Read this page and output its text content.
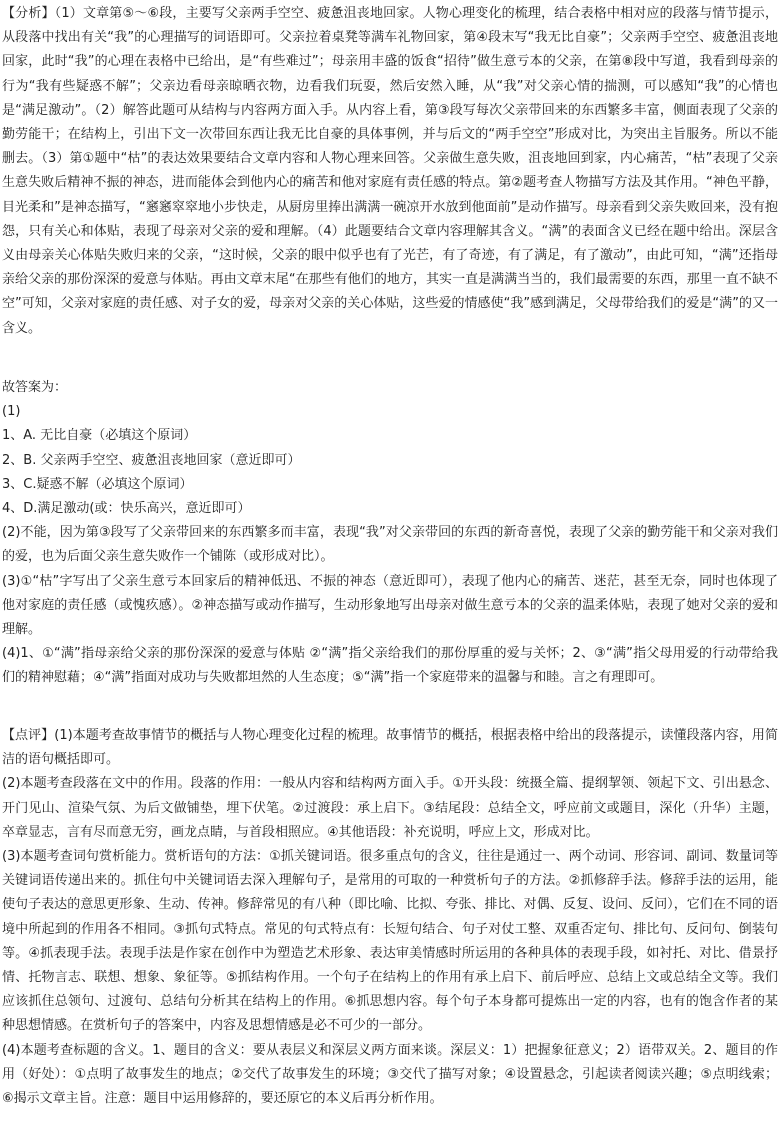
【分析】（1）文章第⑤～⑥段，主要写父亲两手空空、疲惫沮丧地回家。人物心理变化的梳理，结合表格中相对应的段落与情节提示，从段落中找出有关“我”的心理描写的词语即可。父亲拉着桌凳等满车礼物回家，第④段末写“我无比自豪”；父亲两手空空、疲惫沮丧地回家，此时“我”的心理在表格中已给出，是“有些难过”；母亲用丰盛的饭食“招待”做生意亏本的父亲，在第⑧段中写道，我看到母亲的行为“我有些疑惑不解”；父亲边看母亲晾晒衣物，边看我们玩耍，然后安然入睡，从“我”对父亲心情的揣测，可以感知“我”的心情也是“满足激动”。（2）解答此题可从结构与内容两方面入手。从内容上看，第③段写每次父亲带回来的东西繁多丰富，侧面表现了父亲的勤劳能干；在结构上，引出下文一次带回东西让我无比自豪的具体事例，并与后文的“两手空空”形成对比，为突出主旨服务。所以不能删去。（3）第①题中“枯”的表达效果要结合文章内容和人物心理来回答。父亲做生意失败，沮丧地回到家，内心痛苦，“枯”表现了父亲生意失败后精神不振的神态，进而能体会到他内心的痛苦和他对家庭有责任感的特点。第②题考查人物描写方法及其作用。“神色平静，目光柔和”是神态描写，“窸窸窣窣地小步快走，从厨房里捧出满满一碗凉开水放到他面前”是动作描写。母亲看到父亲失败回来，没有抱怨，只有关心和体贴，表现了母亲对父亲的爱和理解。（4）此题要结合文章内容理解其含义。“满”的表面含义已经在题中给出。深层含义由母亲关心体贴失败归来的父亲，“这时候，父亲的眼中似乎也有了光芒，有了奇迹，有了满足，有了激动”，由此可知，“满”还指母亲给父亲的那份深深的爱意与体贴。再由文章末尾“在那些有他们的地方，其实一直是满满当当的，我们最需要的东西，那里一直不缺不空”可知，父亲对家庭的责任感、对子女的爱，母亲对父亲的关心体贴，这些爱的情感使“我”感到满足，父母带给我们的爱是“满”的又一含义。

故答案为：
(1)
1、A. 无比自豪（必填这个原词）
2、B. 父亲两手空空、疲惫沮丧地回家（意近即可）
3、C.疑惑不解（必填这个原词）
4、D.满足激动(或：快乐高兴，意近即可）

(2)不能，因为第③段写了父亲带回来的东西繁多而丰富，表现“我”对父亲带回的东西的新奇喜悦，表现了父亲的勤劳能干和父亲对我们的爱，也为后面父亲生意失败作一个铺陈（或形成对比）。

(3)①“枯”字写出了父亲生意亏本回家后的精神低迅、不振的神态（意近即可），表现了他内心的痛苦、迷茫，甚至无奈，同时也体现了他对家庭的责任感（或愧疚感）。②神态描写或动作描写，生动形象地写出母亲对做生意亏本的父亲的温柔体贴，表现了她对父亲的爱和理解。

(4)1、①“满”指母亲给父亲的那份深深的爱意与体贴 ②“满”指父亲给我们的那份厚重的爱与关怀；2、③“满”指父母用爱的行动带给我们的精神慰藉；④“满”指面对成功与失败都坦然的人生态度；⑤“满”指一个家庭带来的温馨与和睦。言之有理即可。

【点评】(1)本题考查故事情节的概括与人物心理变化过程的梳理。故事情节的概括，根据表格中给出的段落提示，读懂段落内容，用简洁的语句概括即可。

(2)本题考查段落在文中的作用。段落的作用：一般从内容和结构两方面入手。①开头段：统摄全篇、提纲挈领、领起下文、引出悬念、开门见山、渲染气氛、为后文做铺垫，埋下伏笔。②过渡段：承上启下。③结尾段：总结全文，呼应前文或题目，深化（升华）主题，卒章显志，言有尽而意无穷，画龙点睛，与首段相照应。④其他语段：补充说明，呼应上文，形成对比。

(3)本题考查词句赏析能力。赏析语句的方法：①抓关键词语。很多重点句的含义，往往是通过一、两个动词、形容词、副词、数量词等关键词语传递出来的。抓住句中关键词语去深入理解句子，是常用的可取的一种赏析句子的方法。②抓修辞手法。修辞手法的运用，能使句子表达的意思更形象、生动、传神。修辞常见的有八种（即比喻、比拟、夸张、排比、对偶、反复、设问、反问），它们在不同的语境中所起到的作用各不相同。③抓句式特点。常见的句式特点有：长短句结合、句子对仗工整、双重否定句、排比句、反问句、倒装句等。④抓表现手法。表现手法是作家在创作中为塑造艺术形象、表达审美情感时所运用的各种具体的表现手段，如衬托、对比、借景抒情、托物言志、联想、想象、象征等。⑤抓结构作用。一个句子在结构上的作用有承上启下、前后呼应、总结上文或总结全文等。我们应该抓住总领句、过渡句、总结句分析其在结构上的作用。⑥抓思想内容。每个句子本身都可提炼出一定的内容，也有的饱含作者的某种思想情感。在赏析句子的答案中，内容及思想情感是必不可少的一部分。

(4)本题考查标题的含义。1、题目的含义：要从表层义和深层义两方面来谈。深层义：1）把握象征意义；2）语带双关。2、题目的作用（好处）：①点明了故事发生的地点；②交代了故事发生的环境；③交代了描写对象；④设置悬念，引起读者阅读兴趣；⑤点明线索；⑥揭示文章主旨。注意：题目中运用修辞的，要还原它的本义后再分析作用。
